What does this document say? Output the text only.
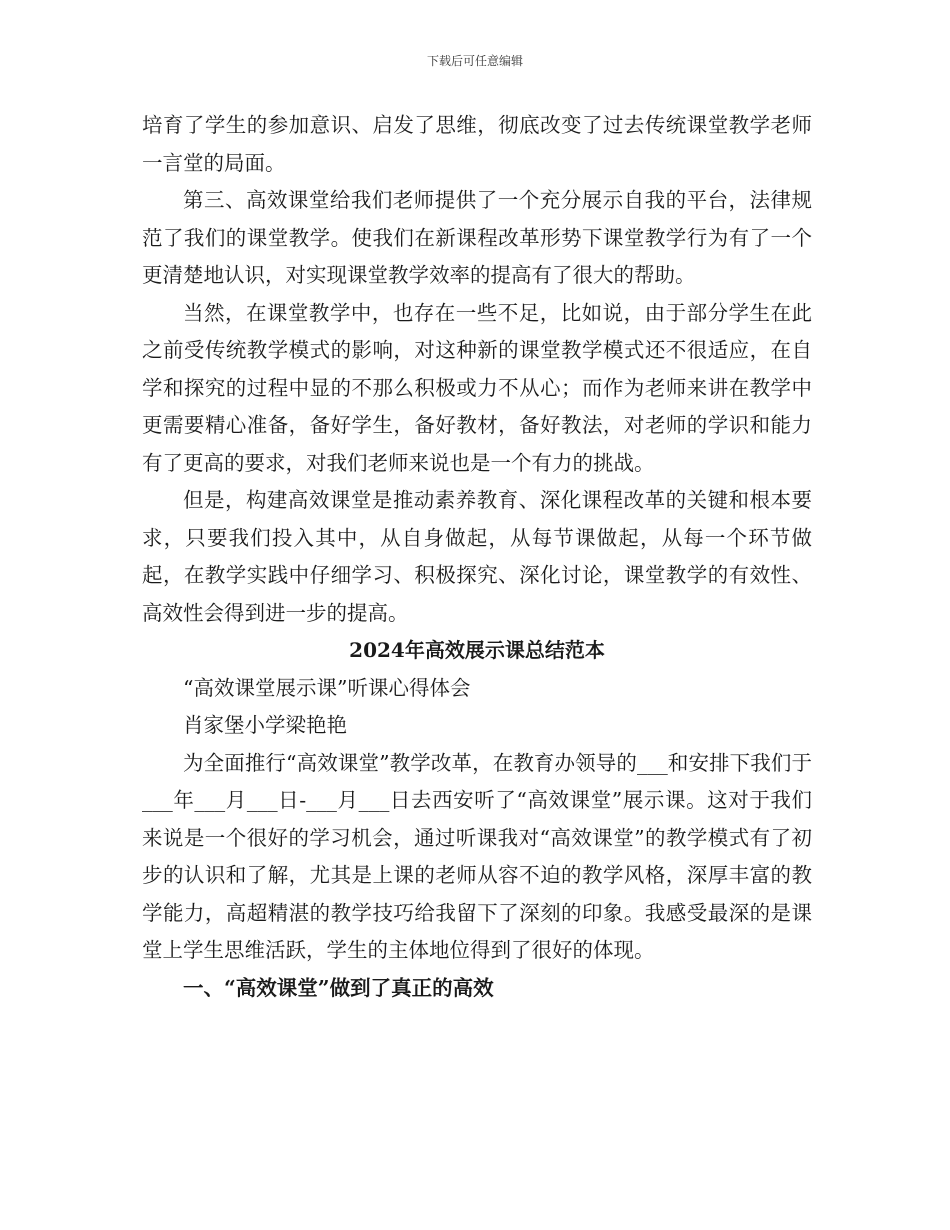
下载后可任意编辑

培育了学生的参加意识、启发了思维，彻底改变了过去传统课堂教学老师一言堂的局面。

第三、高效课堂给我们老师提供了一个充分展示自我的平台，法律规范了我们的课堂教学。使我们在新课程改革形势下课堂教学行为有了一个更清楚地认识，对实现课堂教学效率的提高有了很大的帮助。

当然，在课堂教学中，也存在一些不足，比如说，由于部分学生在此之前受传统教学模式的影响，对这种新的课堂教学模式还不很适应，在自学和探究的过程中显的不那么积极或力不从心；而作为老师来讲在教学中更需要精心准备，备好学生，备好教材，备好教法，对老师的学识和能力有了更高的要求，对我们老师来说也是一个有力的挑战。

但是，构建高效课堂是推动素养教育、深化课程改革的关键和根本要求，只要我们投入其中，从自身做起，从每节课做起，从每一个环节做起，在教学实践中仔细学习、积极探究、深化讨论，课堂教学的有效性、高效性会得到进一步的提高。

2024年高效展示课总结范本

“高效课堂展示课”听课心得体会

肖家堡小学梁艳艳

为全面推行“高效课堂”教学改革，在教育办领导的___和安排下我们于___年___月___日-___月___日去西安听了“高效课堂”展示课。这对于我们来说是一个很好的学习机会，通过听课我对“高效课堂”的教学模式有了初步的认识和了解，尤其是上课的老师从容不迫的教学风格，深厚丰富的教学能力，高超精湛的教学技巧给我留下了深刻的印象。我感受最深的是课堂上学生思维活跃，学生的主体地位得到了很好的体现。

一、“高效课堂”做到了真正的高效
